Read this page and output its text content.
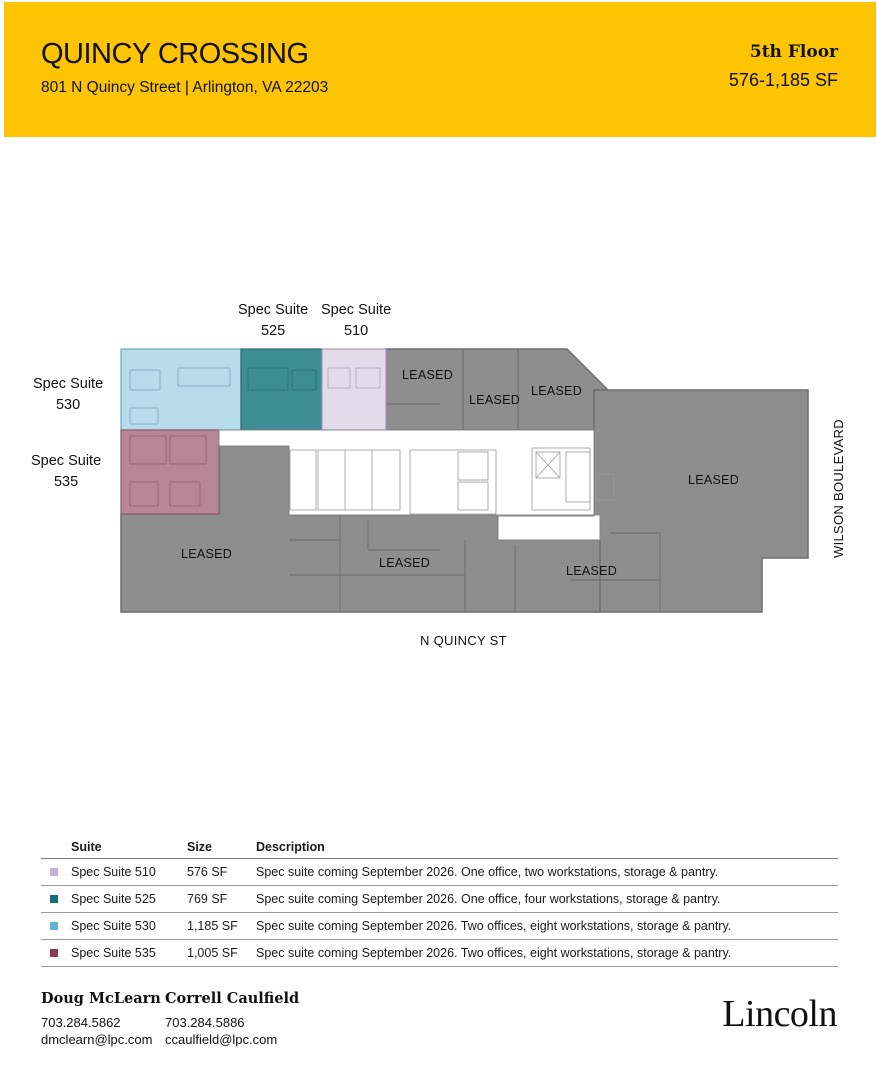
QUINCY CROSSING
801 N Quincy Street | Arlington, VA 22203
5th Floor
576-1,185 SF
Spec Suite
525
Spec Suite
510
Spec Suite
530
Spec Suite
535
LEASED
LEASED
LEASED
LEASED
LEASED
LEASED
LEASED
N QUINCY ST
WILSON BOULEVARD
	Suite	Size	Description
	Spec Suite 510	576 SF	Spec suite coming September 2026. One office, two workstations, storage & pantry.
	Spec Suite 525	769 SF	Spec suite coming September 2026. One office, four workstations, storage & pantry.
	Spec Suite 530	1,185 SF	Spec suite coming September 2026. Two offices, eight workstations, storage & pantry.
	Spec Suite 535	1,005 SF	Spec suite coming September 2026. Two offices, eight workstations, storage & pantry.
Doug McLearn
703.284.5862
dmclearn@lpc.com
Correll Caulfield
703.284.5886
ccaulfield@lpc.com
Lincoln
